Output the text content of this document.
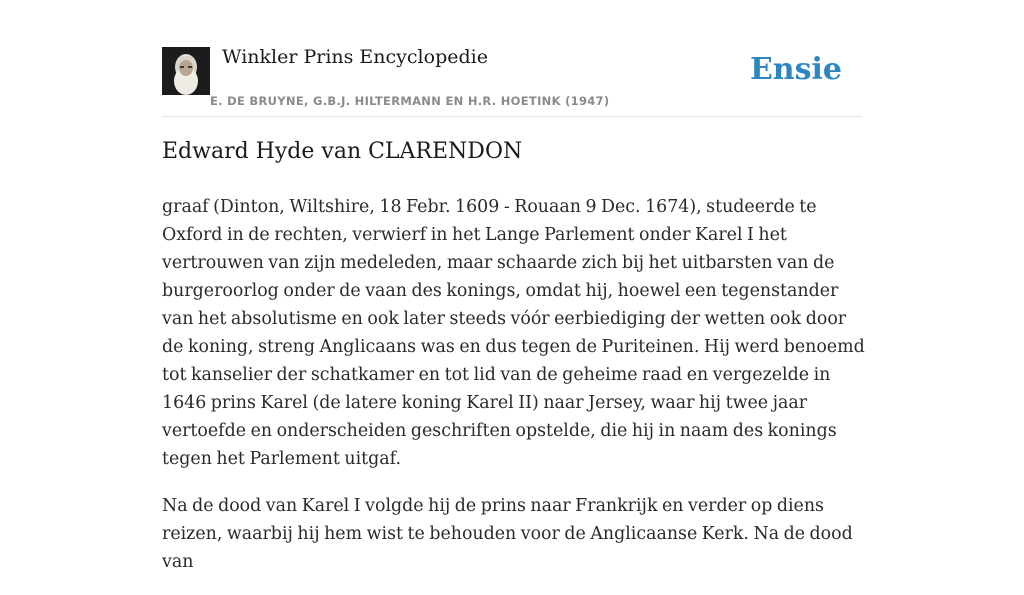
Winkler Prins Encyclopedie
E. DE BRUYNE, G.B.J. HILTERMANN EN H.R. HOETINK (1947)
Ensie
Edward Hyde van CLARENDON

graaf (Dinton, Wiltshire, 18 Febr. 1609 - Rouaan 9 Dec. 1674), studeerde te Oxford in de rechten, verwierf in het Lange Parlement onder Karel I het vertrouwen van zijn medeleden, maar schaarde zich bij het uitbarsten van de burgeroorlog onder de vaan des konings, omdat hij, hoewel een tegenstander van het absolutisme en ook later steeds vóór eerbiediging der wetten ook door de koning, streng Anglicaans was en dus tegen de Puriteinen. Hij werd benoemd tot kanselier der schatkamer en tot lid van de geheime raad en vergezelde in 1646 prins Karel (de latere koning Karel II) naar Jersey, waar hij twee jaar vertoefde en onderscheiden geschriften opstelde, die hij in naam des konings tegen het Parlement uitgaf.

Na de dood van Karel I volgde hij de prins naar Frankrijk en verder op diens reizen, waarbij hij hem wist te behouden voor de Anglicaanse Kerk. Na de dood van
